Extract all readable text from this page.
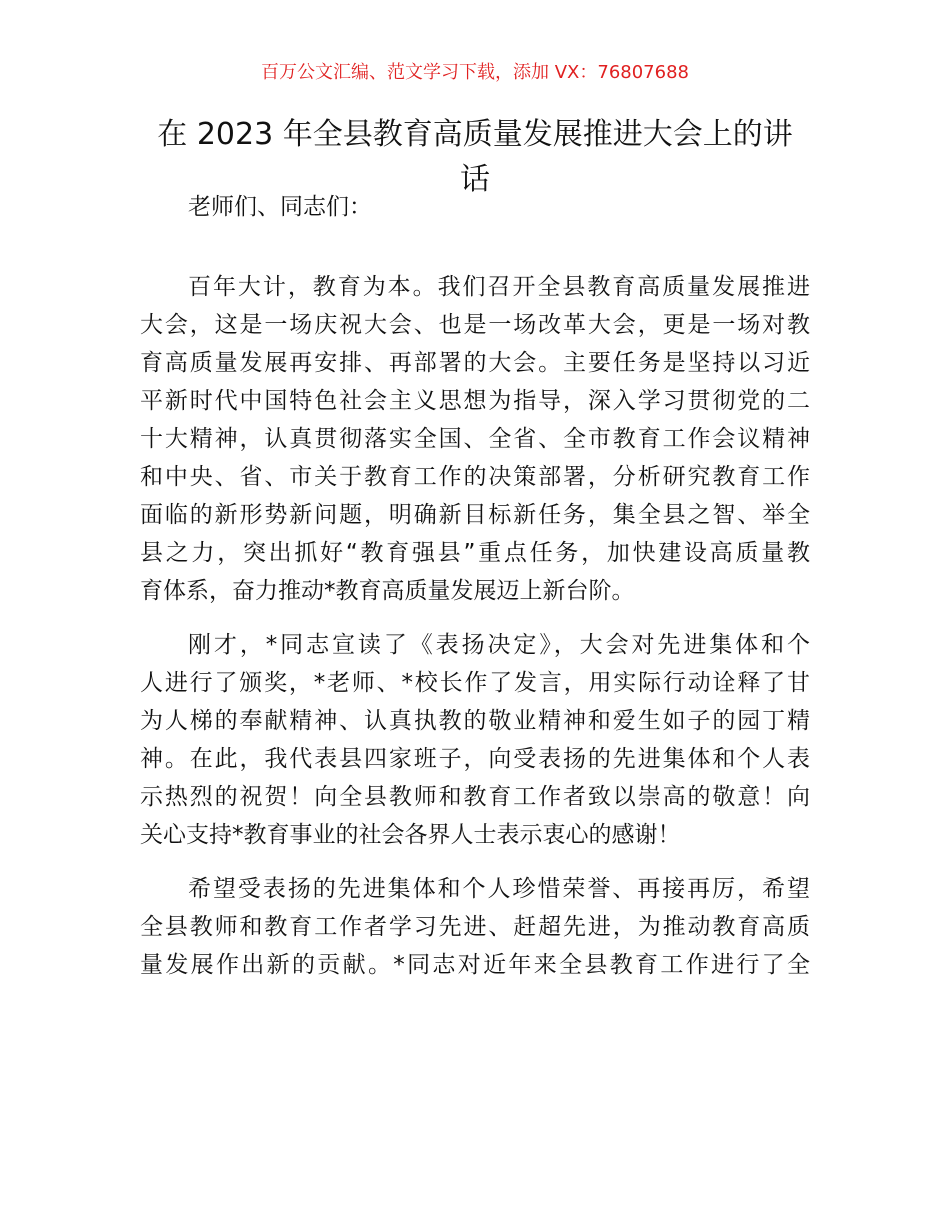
百万公文汇编、范文学习下载，添加 VX：76807688
在 2023 年全县教育高质量发展推进大会上的讲
话
老师们、同志们：
百年大计，教育为本。我们召开全县教育高质量发展推进
大会，这是一场庆祝大会、也是一场改革大会，更是一场对教
育高质量发展再安排、再部署的大会。主要任务是坚持以习近
平新时代中国特色社会主义思想为指导，深入学习贯彻党的二
十大精神，认真贯彻落实全国、全省、全市教育工作会议精神
和中央、省、市关于教育工作的决策部署，分析研究教育工作
面临的新形势新问题，明确新目标新任务，集全县之智、举全
县之力，突出抓好“教育强县”重点任务，加快建设高质量教
育体系，奋力推动*教育高质量发展迈上新台阶。
刚才，*同志宣读了《表扬决定》，大会对先进集体和个
人进行了颁奖，*老师、*校长作了发言，用实际行动诠释了甘
为人梯的奉献精神、认真执教的敬业精神和爱生如子的园丁精
神。在此，我代表县四家班子，向受表扬的先进集体和个人表
示热烈的祝贺！向全县教师和教育工作者致以崇高的敬意！向
关心支持*教育事业的社会各界人士表示衷心的感谢！
希望受表扬的先进集体和个人珍惜荣誉、再接再厉，希望
全县教师和教育工作者学习先进、赶超先进，为推动教育高质
量发展作出新的贡献。*同志对近年来全县教育工作进行了全
